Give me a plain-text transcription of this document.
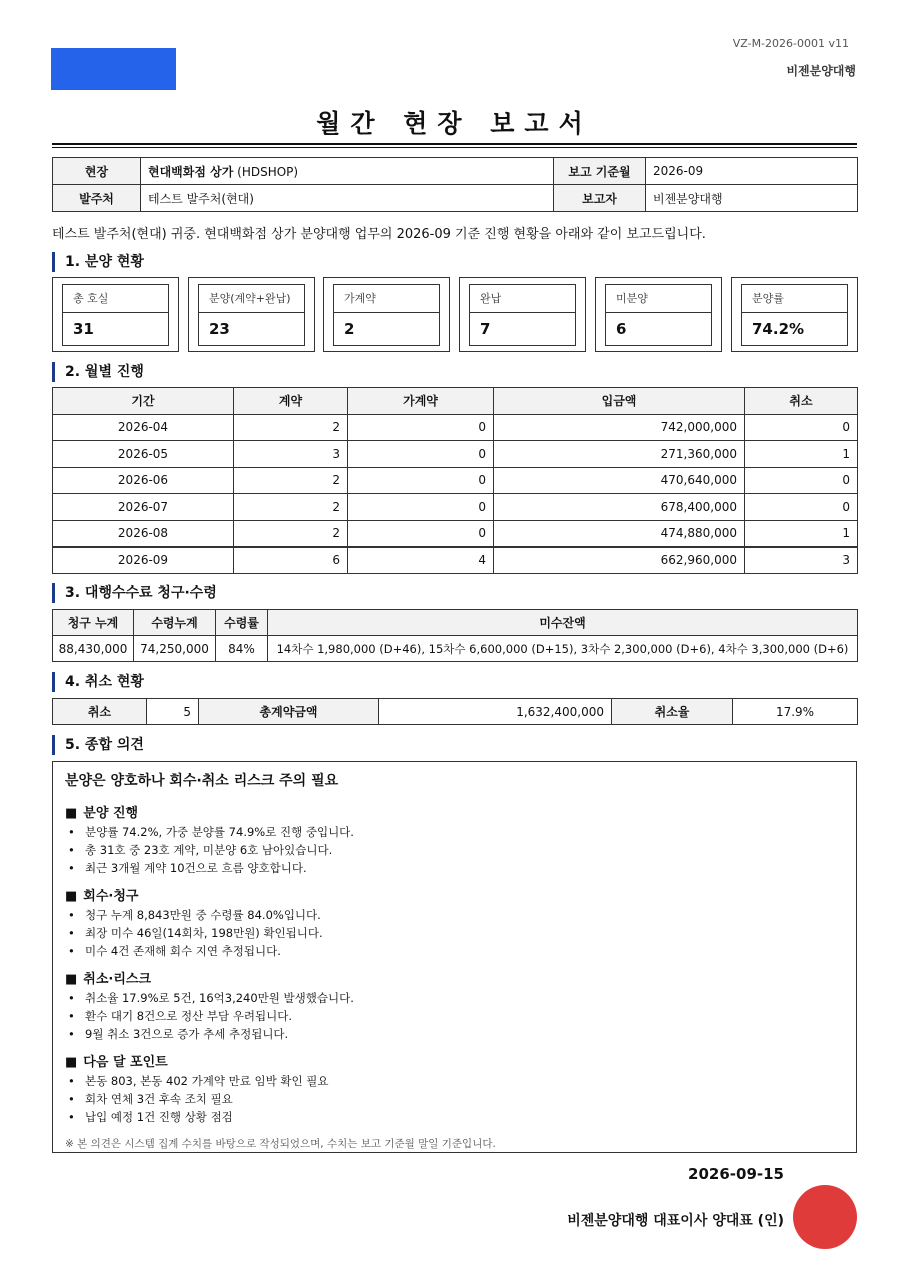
VZ-M-2026-0001 v11
비젠분양대행
월간 현장 보고서
현장	현대백화점 상가 (HDSHOP)	보고 기준월	2026-09
발주처	테스트 발주처(현대)	보고자	비젠분양대행
테스트 발주처(현대) 귀중. 현대백화점 상가 분양대행 업무의 2026-09 기준 진행 현황을 아래와 같이 보고드립니다.
1. 분양 현황
총 호실
31
분양(계약+완납)
23
가계약
2
완납
7
미분양
6
분양률
74.2%
2. 월별 진행
기간	계약	가계약	입금액	취소
2026-04	2	0	742,000,000	0
2026-05	3	0	271,360,000	1
2026-06	2	0	470,640,000	0
2026-07	2	0	678,400,000	0
2026-08	2	0	474,880,000	1
2026-09	6	4	662,960,000	3
3. 대행수수료 청구·수령
청구 누계	수령누계	수령률	미수잔액
88,430,000	74,250,000	84%	14차수 1,980,000 (D+46), 15차수 6,600,000 (D+15), 3차수 2,300,000 (D+6), 4차수 3,300,000 (D+6)
4. 취소 현황
취소	5	총계약금액	1,632,400,000	취소율	17.9%
5. 종합 의견
분양은 양호하나 회수·취소 리스크 주의 필요
■ 분양 진행
• 분양률 74.2%, 가중 분양률 74.9%로 진행 중입니다.
• 총 31호 중 23호 계약, 미분양 6호 남아있습니다.
• 최근 3개월 계약 10건으로 흐름 양호합니다.
■ 회수·청구
• 청구 누계 8,843만원 중 수령률 84.0%입니다.
• 최장 미수 46일(14회차, 198만원) 확인됩니다.
• 미수 4건 존재해 회수 지연 추정됩니다.
■ 취소·리스크
• 취소율 17.9%로 5건, 16억3,240만원 발생했습니다.
• 환수 대기 8건으로 정산 부담 우려됩니다.
• 9월 취소 3건으로 증가 추세 추정됩니다.
■ 다음 달 포인트
• 본동 803, 본동 402 가계약 만료 임박 확인 필요
• 회차 연체 3건 후속 조치 필요
• 납입 예정 1건 진행 상황 점검
※ 본 의견은 시스템 집계 수치를 바탕으로 작성되었으며, 수치는 보고 기준월 말일 기준입니다.
2026-09-15
비젠분양대행 대표이사 양대표 (인)
